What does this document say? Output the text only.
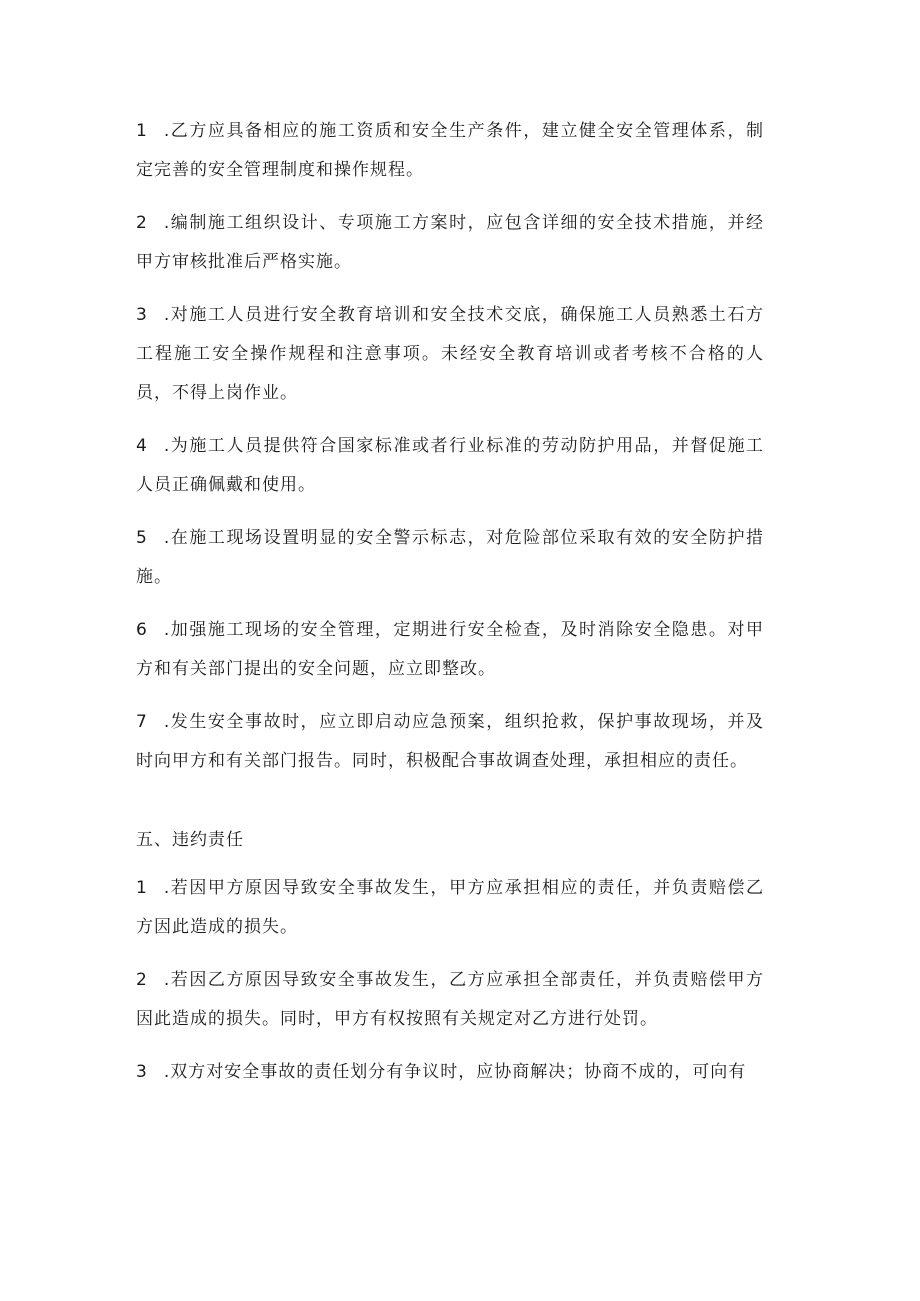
1 .乙方应具备相应的施工资质和安全生产条件，建立健全安全管理体系，制定完善的安全管理制度和操作规程。

2 .编制施工组织设计、专项施工方案时，应包含详细的安全技术措施，并经甲方审核批准后严格实施。

3 .对施工人员进行安全教育培训和安全技术交底，确保施工人员熟悉土石方工程施工安全操作规程和注意事项。未经安全教育培训或者考核不合格的人员，不得上岗作业。

4 .为施工人员提供符合国家标准或者行业标准的劳动防护用品，并督促施工人员正确佩戴和使用。

5 .在施工现场设置明显的安全警示标志，对危险部位采取有效的安全防护措施。

6 .加强施工现场的安全管理，定期进行安全检查，及时消除安全隐患。对甲方和有关部门提出的安全问题，应立即整改。

7 .发生安全事故时，应立即启动应急预案，组织抢救，保护事故现场，并及时向甲方和有关部门报告。同时，积极配合事故调查处理，承担相应的责任。

五、违约责任

1 .若因甲方原因导致安全事故发生，甲方应承担相应的责任，并负责赔偿乙方因此造成的损失。

2 .若因乙方原因导致安全事故发生，乙方应承担全部责任，并负责赔偿甲方因此造成的损失。同时，甲方有权按照有关规定对乙方进行处罚。

3 .双方对安全事故的责任划分有争议时，应协商解决；协商不成的，可向有
